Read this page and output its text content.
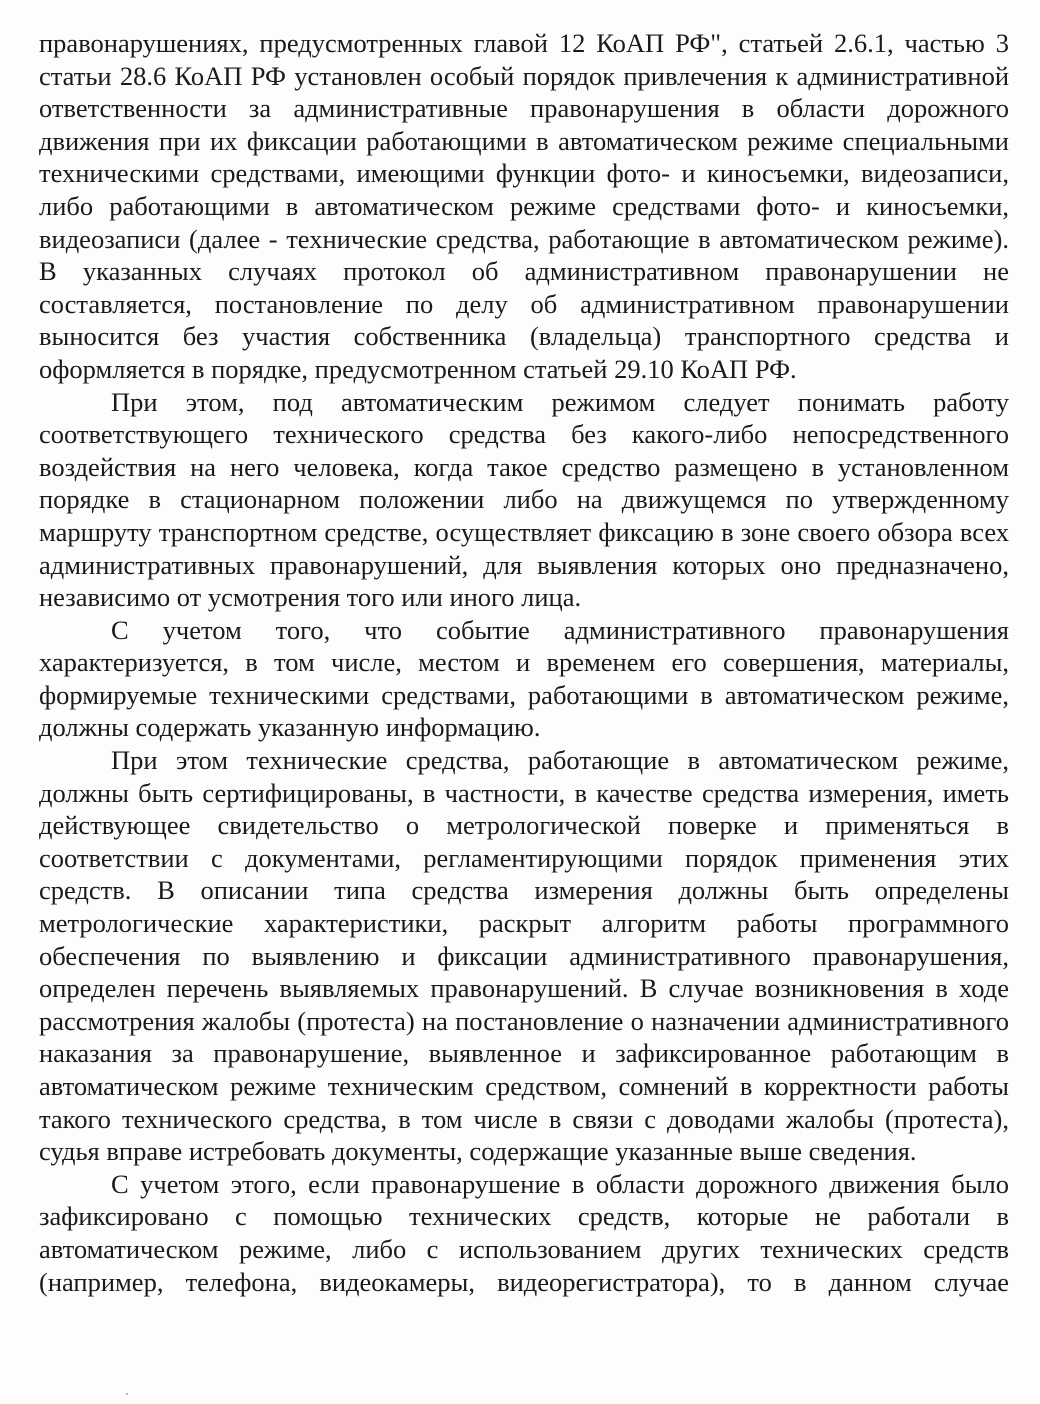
правонарушениях, предусмотренных главой 12 КоАП РФ", статьей 2.6.1, частью 3 статьи 28.6 КоАП РФ установлен особый порядок привлечения к административной ответственности за административные правонарушения в области дорожного движения при их фиксации работающими в автоматическом режиме специальными техническими средствами, имеющими функции фото- и киносъемки, видеозаписи, либо работающими в автоматическом режиме средствами фото- и киносъемки, видеозаписи (далее - технические средства, работающие в автоматическом режиме). В указанных случаях протокол об административном правонарушении не составляется, постановление по делу об административном правонарушении выносится без участия собственника (владельца) транспортного средства и оформляется в порядке, предусмотренном статьей 29.10 КоАП РФ.

При этом, под автоматическим режимом следует понимать работу соответствующего технического средства без какого-либо непосредственного воздействия на него человека, когда такое средство размещено в установленном порядке в стационарном положении либо на движущемся по утвержденному маршруту транспортном средстве, осуществляет фиксацию в зоне своего обзора всех административных правонарушений, для выявления которых оно предназначено, независимо от усмотрения того или иного лица.

С учетом того, что событие административного правонарушения характеризуется, в том числе, местом и временем его совершения, материалы, формируемые техническими средствами, работающими в автоматическом режиме, должны содержать указанную информацию.

При этом технические средства, работающие в автоматическом режиме, должны быть сертифицированы, в частности, в качестве средства измерения, иметь действующее свидетельство о метрологической поверке и применяться в соответствии с документами, регламентирующими порядок применения этих средств. В описании типа средства измерения должны быть определены метрологические характеристики, раскрыт алгоритм работы программного обеспечения по выявлению и фиксации административного правонарушения, определен перечень выявляемых правонарушений. В случае возникновения в ходе рассмотрения жалобы (протеста) на постановление о назначении административного наказания за правонарушение, выявленное и зафиксированное работающим в автоматическом режиме техническим средством, сомнений в корректности работы такого технического средства, в том числе в связи с доводами жалобы (протеста), судья вправе истребовать документы, содержащие указанные выше сведения.

С учетом этого, если правонарушение в области дорожного движения было зафиксировано с помощью технических средств, которые не работали в автоматическом режиме, либо с использованием других технических средств (например, телефона, видеокамеры, видеорегистратора), то в данном случае
